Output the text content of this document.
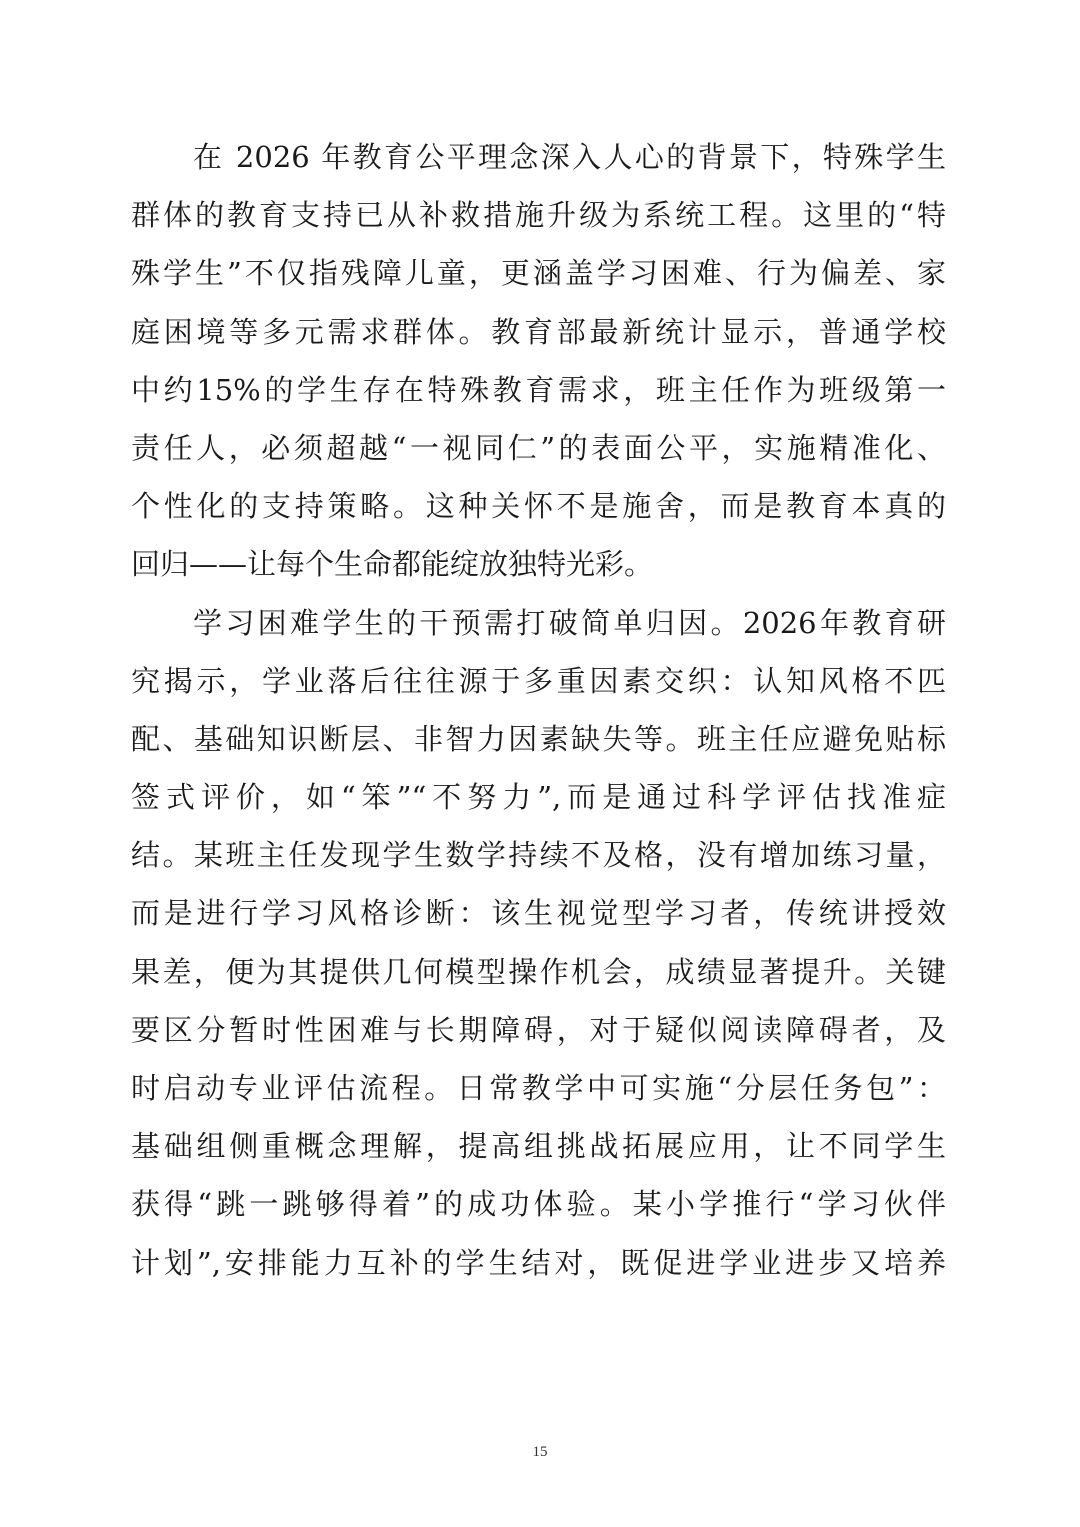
在 2026 年教育公平理念深入人心的背景下，特殊学生
群体的教育支持已从补救措施升级为系统工程。这里的“特
殊学生”不仅指残障儿童，更涵盖学习困难、行为偏差、家
庭困境等多元需求群体。教育部最新统计显示，普通学校
中约15%的学生存在特殊教育需求，班主任作为班级第一
责任人，必须超越“一视同仁”的表面公平，实施精准化、
个性化的支持策略。这种关怀不是施舍，而是教育本真的
回归——让每个生命都能绽放独特光彩。
学习困难学生的干预需打破简单归因。2026年教育研
究揭示，学业落后往往源于多重因素交织：认知风格不匹
配、基础知识断层、非智力因素缺失等。班主任应避免贴标
签式评价，如“笨”“不努力”,而是通过科学评估找准症
结。某班主任发现学生数学持续不及格，没有增加练习量，
而是进行学习风格诊断：该生视觉型学习者，传统讲授效
果差，便为其提供几何模型操作机会，成绩显著提升。关键
要区分暂时性困难与长期障碍，对于疑似阅读障碍者，及
时启动专业评估流程。日常教学中可实施“分层任务包”：
基础组侧重概念理解，提高组挑战拓展应用，让不同学生
获得“跳一跳够得着”的成功体验。某小学推行“学习伙伴
计划”,安排能力互补的学生结对，既促进学业进步又培养
15
